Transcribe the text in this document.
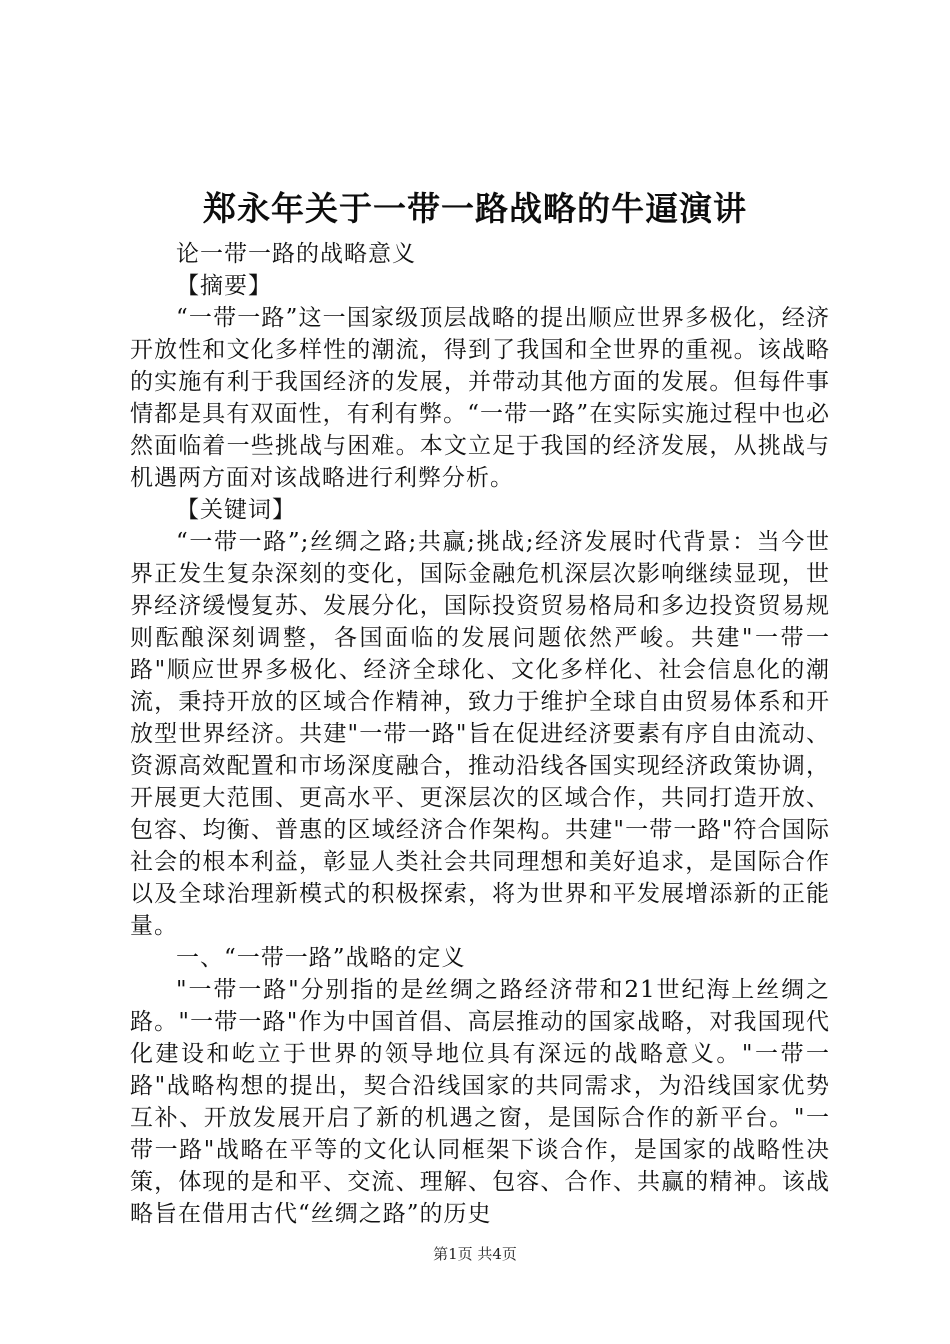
郑永年关于一带一路战略的牛逼演讲

论一带一路的战略意义

【摘要】

“一带一路”这一国家级顶层战略的提出顺应世界多极化，经济开放性和文化多样性的潮流，得到了我国和全世界的重视。该战略的实施有利于我国经济的发展，并带动其他方面的发展。但每件事情都是具有双面性，有利有弊。“一带一路”在实际实施过程中也必然面临着一些挑战与困难。本文立足于我国的经济发展，从挑战与机遇两方面对该战略进行利弊分析。

【关键词】

“一带一路”;丝绸之路;共赢;挑战;经济发展时代背景：当今世界正发生复杂深刻的变化，国际金融危机深层次影响继续显现，世界经济缓慢复苏、发展分化，国际投资贸易格局和多边投资贸易规则酝酿深刻调整，各国面临的发展问题依然严峻。共建"一带一路"顺应世界多极化、经济全球化、文化多样化、社会信息化的潮流，秉持开放的区域合作精神，致力于维护全球自由贸易体系和开放型世界经济。共建"一带一路"旨在促进经济要素有序自由流动、资源高效配置和市场深度融合，推动沿线各国实现经济政策协调，开展更大范围、更高水平、更深层次的区域合作，共同打造开放、包容、均衡、普惠的区域经济合作架构。共建"一带一路"符合国际社会的根本利益，彰显人类社会共同理想和美好追求，是国际合作以及全球治理新模式的积极探索，将为世界和平发展增添新的正能量。

一、“一带一路”战略的定义

"一带一路"分别指的是丝绸之路经济带和21世纪海上丝绸之路。"一带一路"作为中国首倡、高层推动的国家战略，对我国现代化建设和屹立于世界的领导地位具有深远的战略意义。"一带一路"战略构想的提出，契合沿线国家的共同需求，为沿线国家优势互补、开放发展开启了新的机遇之窗，是国际合作的新平台。"一带一路"战略在平等的文化认同框架下谈合作，是国家的战略性决策，体现的是和平、交流、理解、包容、合作、共赢的精神。该战略旨在借用古代“丝绸之路”的历史

第1页 共4页
